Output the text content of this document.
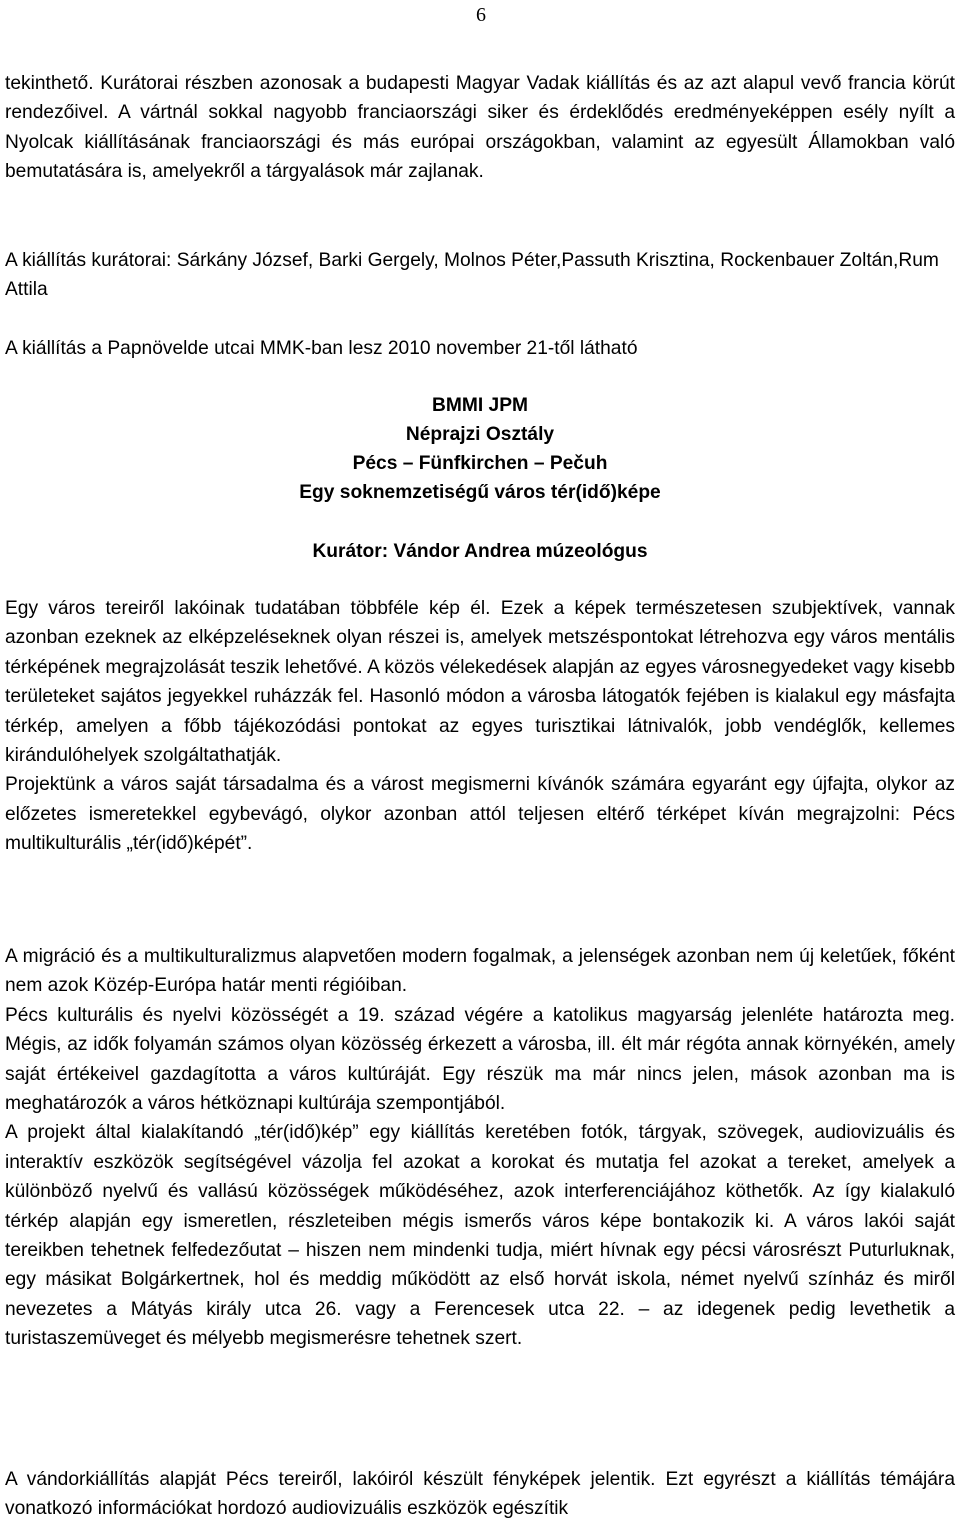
6

tekinthető. Kurátorai részben azonosak a budapesti Magyar Vadak kiállítás és az azt alapul vevő francia körút rendezőivel. A vártnál sokkal nagyobb franciaországi siker és érdeklődés eredményeképpen esély nyílt a Nyolcak kiállításának franciaországi és más európai országokban, valamint az egyesült Államokban való bemutatására is, amelyekről a tárgyalások már zajlanak.

A kiállítás kurátorai: Sárkány József, Barki Gergely, Molnos Péter,Passuth Krisztina, Rockenbauer Zoltán,Rum Attila

A kiállítás a Papnövelde utcai MMK-ban lesz 2010 november 21-től látható

BMMI JPM

Néprajzi Osztály

Pécs – Fünfkirchen – Pečuh

Egy soknemzetiségű város tér(idő)képe

Kurátor: Vándor Andrea múzeológus

Egy város tereiről lakóinak tudatában többféle kép él. Ezek a képek természetesen szubjektívek, vannak azonban ezeknek az elképzeléseknek olyan részei is, amelyek metszéspontokat létrehozva egy város mentális térképének megrajzolását teszik lehetővé. A közös vélekedések alapján az egyes városnegyedeket vagy kisebb területeket sajátos jegyekkel ruházzák fel. Hasonló módon a városba látogatók fejében is kialakul egy másfajta térkép, amelyen a főbb tájékozódási pontokat az egyes turisztikai látnivalók, jobb vendéglők, kellemes kirándulóhelyek szolgáltathatják.

Projektünk a város saját társadalma és a várost megismerni kívánók számára egyaránt egy újfajta, olykor az előzetes ismeretekkel egybevágó, olykor azonban attól teljesen eltérő térképet kíván megrajzolni: Pécs multikulturális „tér(idő)képét”.

A migráció és a multikulturalizmus alapvetően modern fogalmak, a jelenségek azonban nem új keletűek, főként nem azok Közép-Európa határ menti régióiban.

Pécs kulturális és nyelvi közösségét a 19. század végére a katolikus magyarság jelenléte határozta meg. Mégis, az idők folyamán számos olyan közösség érkezett a városba, ill. élt már régóta annak környékén, amely saját értékeivel gazdagította a város kultúráját. Egy részük ma már nincs jelen, mások azonban ma is meghatározók a város hétköznapi kultúrája szempontjából.

A projekt által kialakítandó „tér(idő)kép” egy kiállítás keretében fotók, tárgyak, szövegek, audiovizuális és interaktív eszközök segítségével vázolja fel azokat a korokat és mutatja fel azokat a tereket, amelyek a különböző nyelvű és vallású közösségek működéséhez, azok interferenciájához köthetők. Az így kialakuló térkép alapján egy ismeretlen, részleteiben mégis ismerős város képe bontakozik ki. A város lakói saját tereikben tehetnek felfedezőutat – hiszen nem mindenki tudja, miért hívnak egy pécsi városrészt Puturluknak, egy másikat Bolgárkertnek, hol és meddig működött az első horvát iskola, német nyelvű színház és miről nevezetes a Mátyás király utca 26. vagy a Ferencesek utca 22. – az idegenek pedig levethetik a turistaszemüveget és mélyebb megismerésre tehetnek szert.

A vándorkiállítás alapját Pécs tereiről, lakóiról készült fényképek jelentik. Ezt egyrészt a kiállítás témájára vonatkozó információkat hordozó audiovizuális eszközök egészítik
